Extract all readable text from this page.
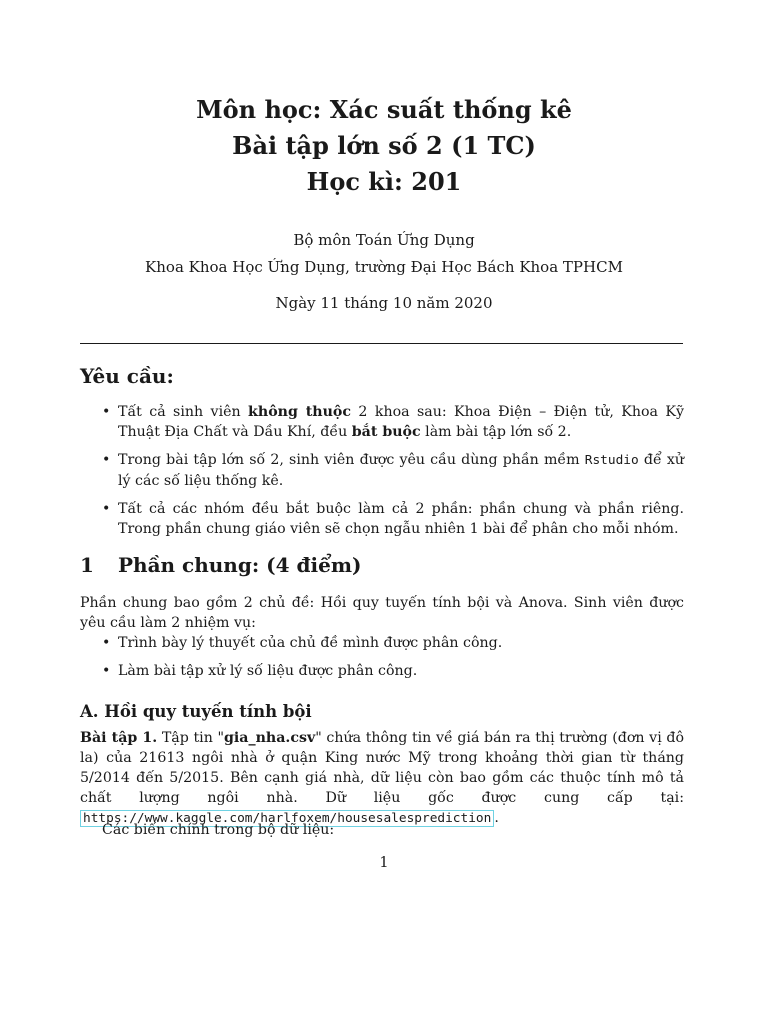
Môn học: Xác suất thống kê
Bài tập lớn số 2 (1 TC)
Học kì: 201
Bộ môn Toán Ứng Dụng
Khoa Khoa Học Ứng Dụng, trường Đại Học Bách Khoa TPHCM
Ngày 11 tháng 10 năm 2020
Yêu cầu:
• Tất cả sinh viên không thuộc 2 khoa sau: Khoa Điện – Điện tử, Khoa Kỹ Thuật Địa Chất và Dầu Khí, đều bắt buộc làm bài tập lớn số 2.
• Trong bài tập lớn số 2, sinh viên được yêu cầu dùng phần mềm Rstudio để xử lý các số liệu thống kê.
• Tất cả các nhóm đều bắt buộc làm cả 2 phần: phần chung và phần riêng. Trong phần chung giáo viên sẽ chọn ngẫu nhiên 1 bài để phân cho mỗi nhóm.
1 Phần chung: (4 điểm)

Phần chung bao gồm 2 chủ đề: Hồi quy tuyến tính bội và Anova. Sinh viên được yêu cầu làm 2 nhiệm vụ:

• Trình bày lý thuyết của chủ đề mình được phân công.
• Làm bài tập xử lý số liệu được phân công.
A. Hồi quy tuyến tính bội

Bài tập 1. Tập tin "gia_nha.csv" chứa thông tin về giá bán ra thị trường (đơn vị đô la) của 21613 ngôi nhà ở quận King nước Mỹ trong khoảng thời gian từ tháng 5/2014 đến 5/2015. Bên cạnh giá nhà, dữ liệu còn bao gồm các thuộc tính mô tả chất lượng ngôi nhà. Dữ liệu gốc được cung cấp tại: https://www.kaggle.com/harlfoxem/housesalesprediction .

Các biến chính trong bộ dữ liệu:

1
